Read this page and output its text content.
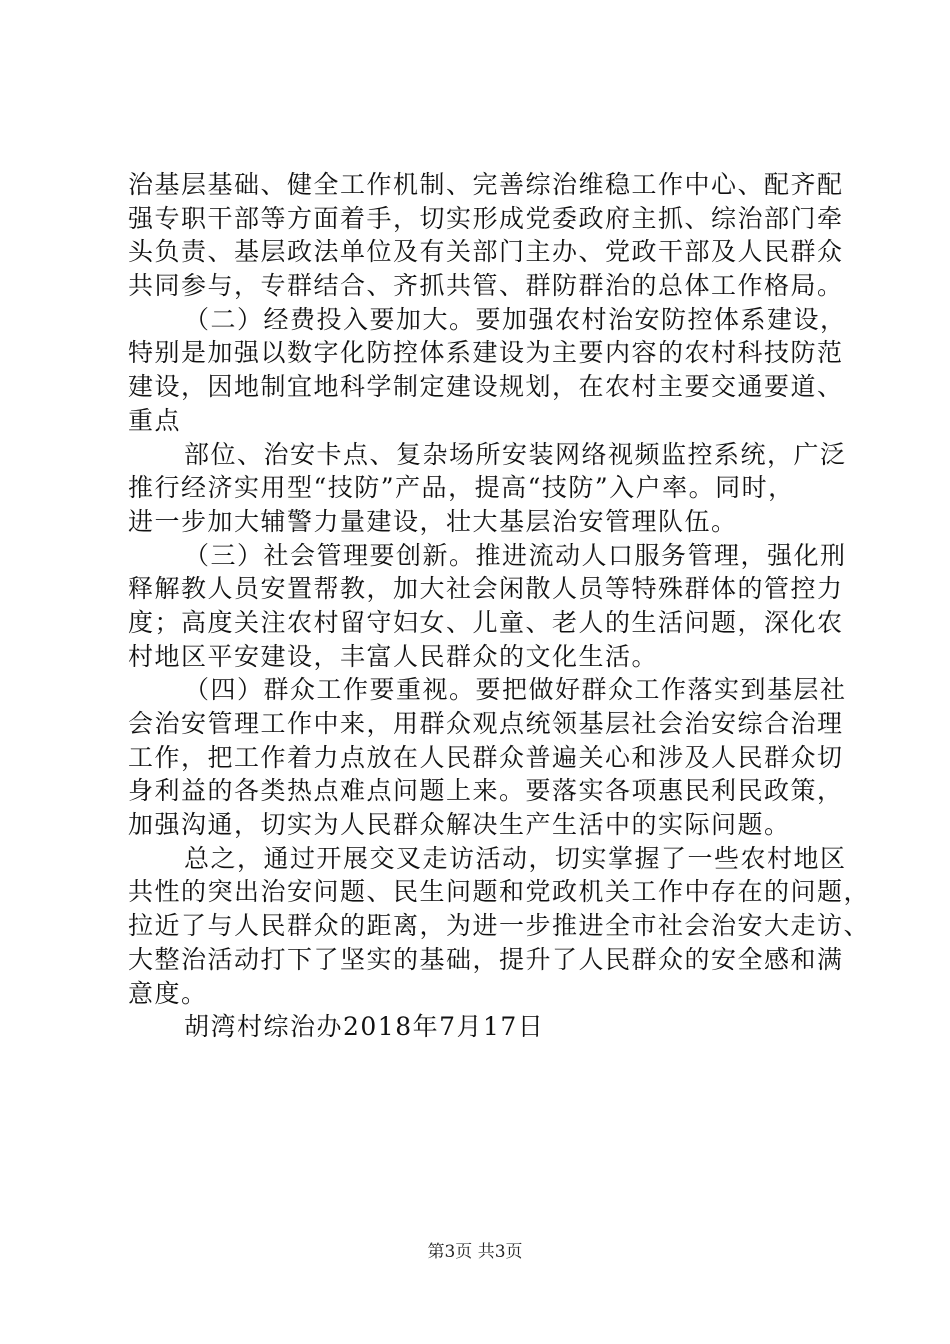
治基层基础、健全工作机制、完善综治维稳工作中心、配齐配
强专职干部等方面着手，切实形成党委政府主抓、综治部门牵
头负责、基层政法单位及有关部门主办、党政干部及人民群众
共同参与，专群结合、齐抓共管、群防群治的总体工作格局。
（二）经费投入要加大。要加强农村治安防控体系建设，
特别是加强以数字化防控体系建设为主要内容的农村科技防范
建设，因地制宜地科学制定建设规划，在农村主要交通要道、
重点
部位、治安卡点、复杂场所安装网络视频监控系统，广泛
推行经济实用型“技防”产品，提高“技防”入户率。同时，
进一步加大辅警力量建设，壮大基层治安管理队伍。
（三）社会管理要创新。推进流动人口服务管理，强化刑
释解教人员安置帮教，加大社会闲散人员等特殊群体的管控力
度；高度关注农村留守妇女、儿童、老人的生活问题，深化农
村地区平安建设，丰富人民群众的文化生活。
（四）群众工作要重视。要把做好群众工作落实到基层社
会治安管理工作中来，用群众观点统领基层社会治安综合治理
工作，把工作着力点放在人民群众普遍关心和涉及人民群众切
身利益的各类热点难点问题上来。要落实各项惠民利民政策，
加强沟通，切实为人民群众解决生产生活中的实际问题。
总之，通过开展交叉走访活动，切实掌握了一些农村地区
共性的突出治安问题、民生问题和党政机关工作中存在的问题，
拉近了与人民群众的距离，为进一步推进全市社会治安大走访、
大整治活动打下了坚实的基础，提升了人民群众的安全感和满
意度。
胡湾村综治办2018年7月17日
第3页 共3页
